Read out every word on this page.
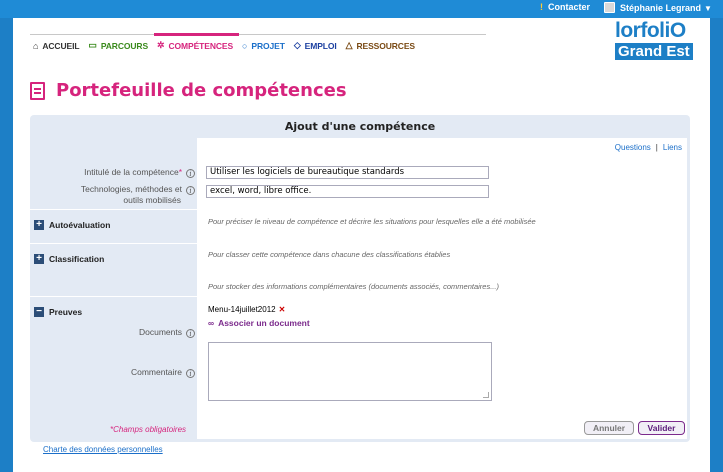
! Contacter	Stéphanie Legrand ▼
⌂ ACCUEIL ▭ PARCOURS ✲ COMPÉTENCES ○ PROJET ◇ EMPLOI △ RESSOURCES
lorfoliO
Grand Est
Portefeuille de compétences
Ajout d'une compétence
Questions | Liens
Utiliser les logiciels de bureautique standards
excel, word, libre office.
Pour préciser le niveau de compétence et décrire les situations pour lesquelles elle a été mobilisée
Pour classer cette compétence dans chacune des classifications établies
Pour stocker des informations complémentaires (documents associés, commentaires...)
Menu-14juillet2012 ✕
∞ Associer un document
Annuler	Valider
Intitulé de la compétence* i
Technologies, méthodes et i
outils mobilisés
+ Autoévaluation
+ Classification
− Preuves
Documents i
Commentaire i
*Champs obligatoires
Charte des données personnelles
